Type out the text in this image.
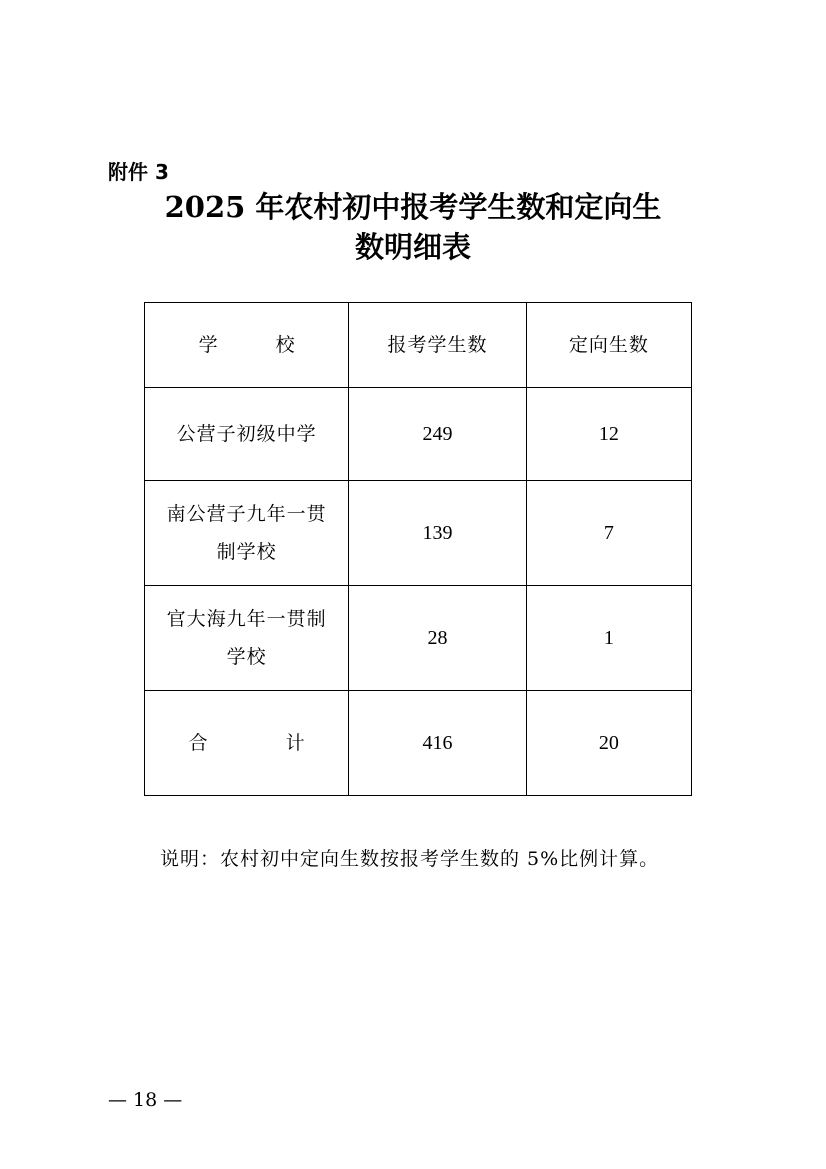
附件 3
2025 年农村初中报考学生数和定向生
数明细表
学 校	报考学生数	定向生数
公营子初级中学	249	12
南公营子九年一贯
制学校	139	7
官大海九年一贯制
学校	28	1

合 计	416	20
说明：农村初中定向生数按报考学生数的 5%比例计算。
— 18 —
